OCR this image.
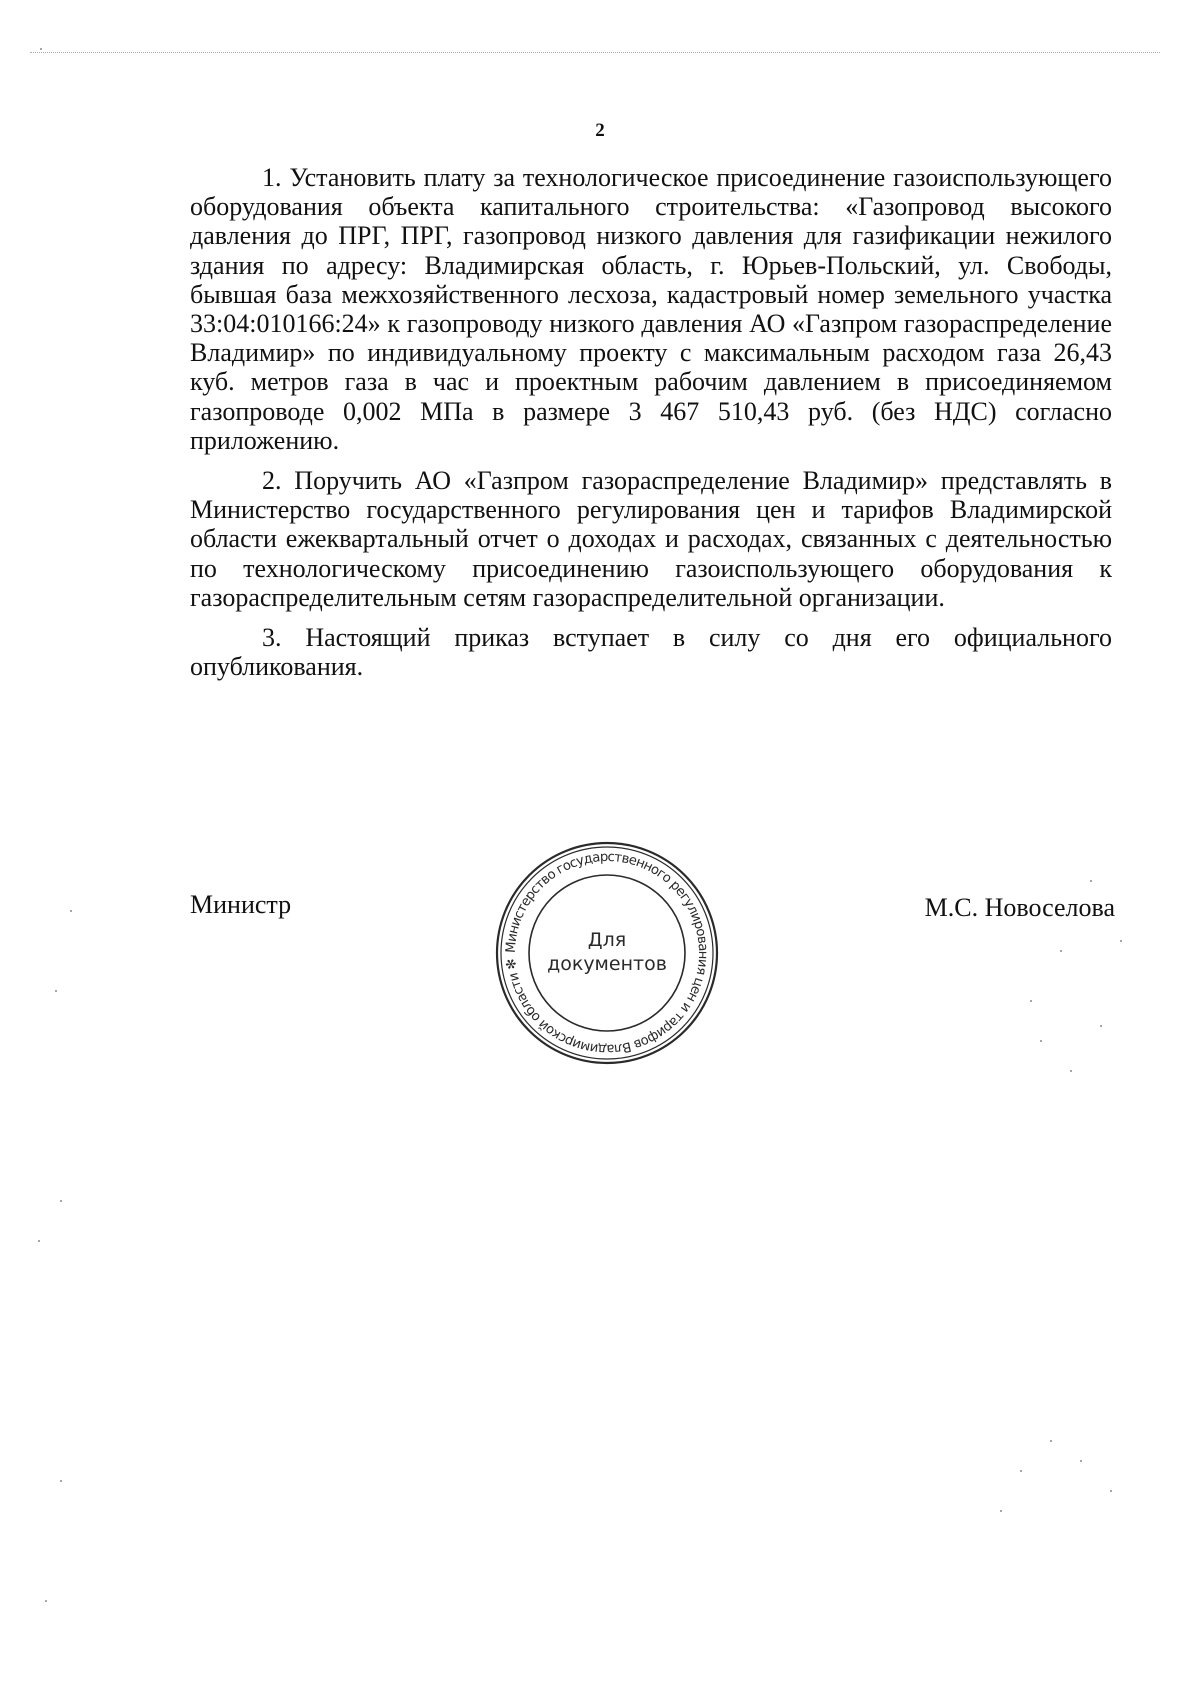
2

1. Установить плату за технологическое присоединение газоиспользующего оборудования объекта капитального строительства: «Газопровод высокого давления до ПРГ, ПРГ, газопровод низкого давления для газификации нежилого здания по адресу: Владимирская область, г. Юрьев-Польский, ул. Свободы, бывшая база межхозяйственного лесхоза, кадастровый номер земельного участка 33:04:010166:24» к газопроводу низкого давления АО «Газпром газораспределение Владимир» по индивидуальному проекту с максимальным расходом газа 26,43 куб. метров газа в час и проектным рабочим давлением в присоединяемом газопроводе 0,002 МПа в размере 3 467 510,43 руб. (без НДС) согласно приложению.

2. Поручить АО «Газпром газораспределение Владимир» представлять в Министерство государственного регулирования цен и тарифов Владимирской области ежеквартальный отчет о доходах и расходах, связанных с деятельностью по технологическому присоединению газоиспользующего оборудования к газораспределительным сетям газораспределительной организации.

3. Настоящий приказ вступает в силу со дня его официального опубликования.

Министр	М.С. Новоселова
Министерство государственного регулирования цен и тарифов Владимирской области ✻
Для
документов
